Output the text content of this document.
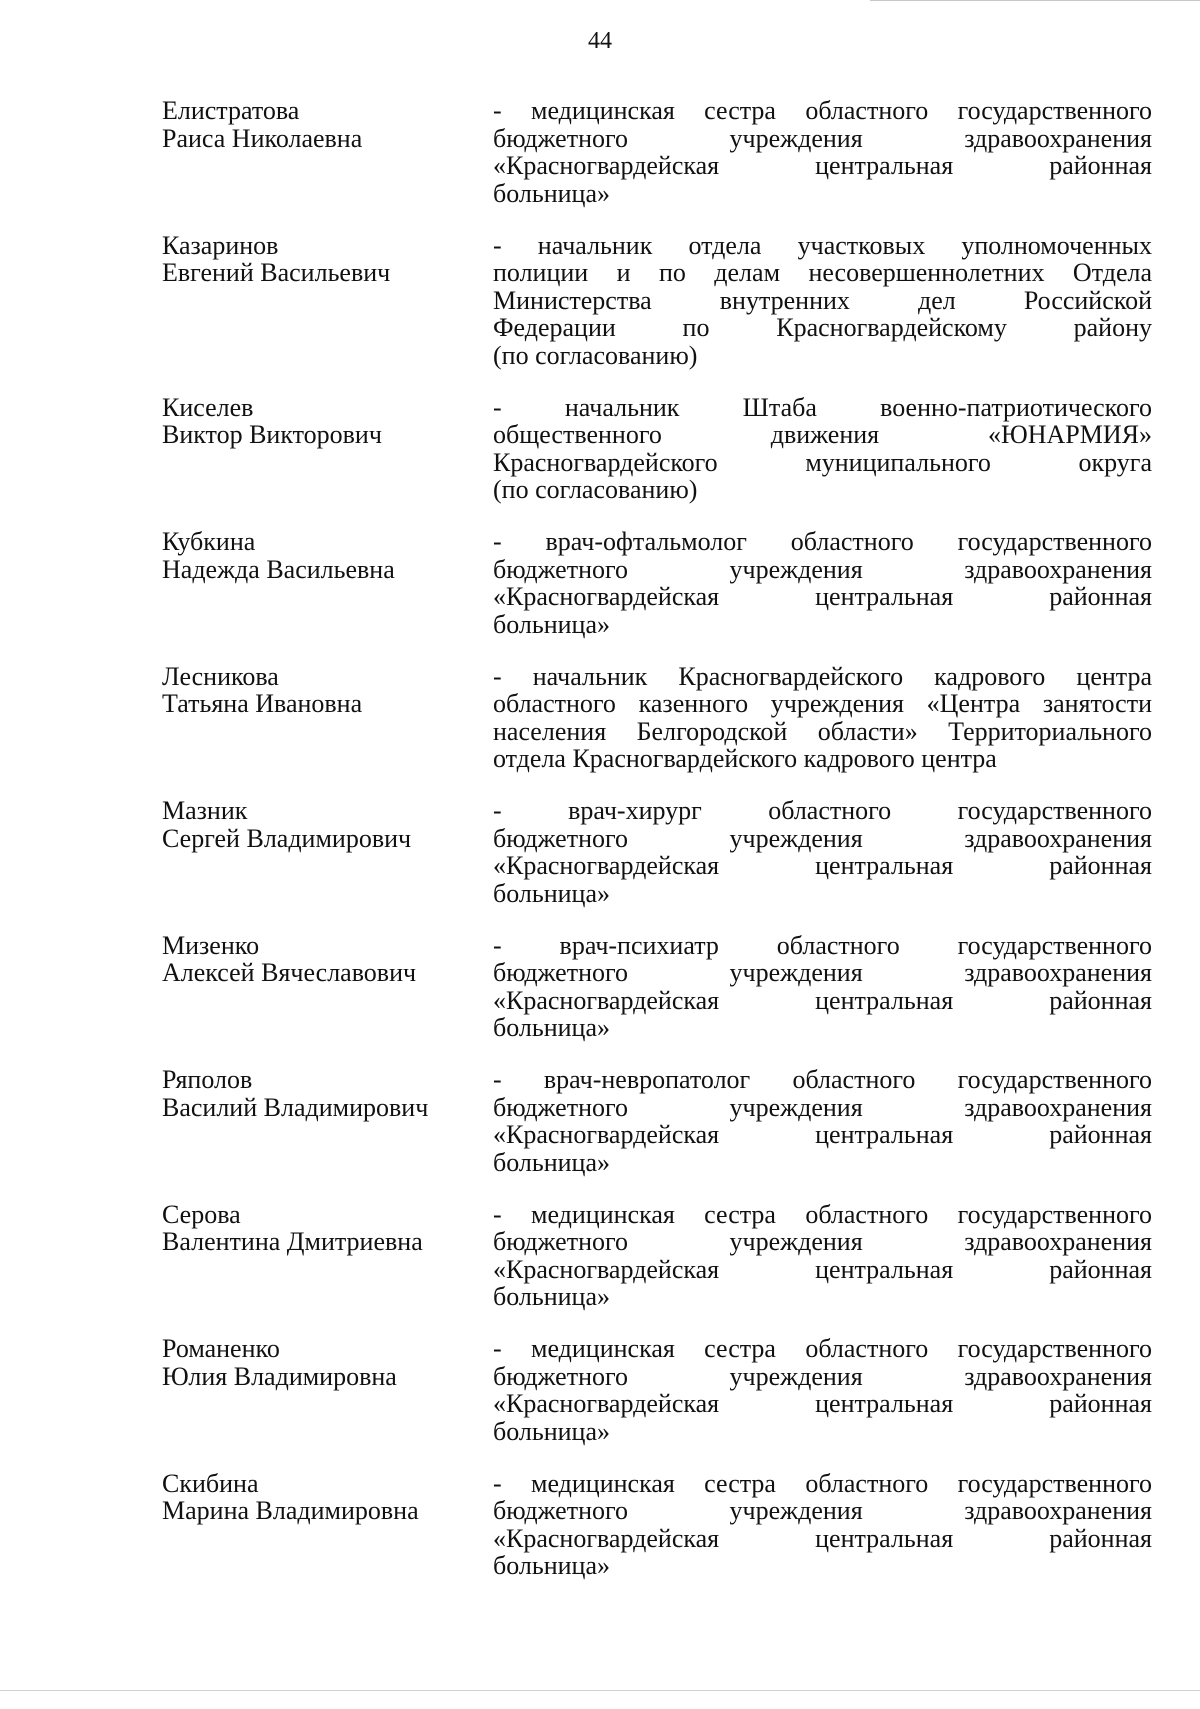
44
Елистратова
Раиса Николаевна
- медицинская сестра областного государственного
бюджетного учреждения здравоохранения
«Красногвардейская центральная районная
больница»
Казаринов
Евгений Васильевич
- начальник отдела участковых уполномоченных
полиции и по делам несовершеннолетних Отдела
Министерства внутренних дел Российской
Федерации по Красногвардейскому району
(по согласованию)
Киселев
Виктор Викторович
- начальник Штаба военно-патриотического
общественного движения «ЮНАРМИЯ»
Красногвардейского муниципального округа
(по согласованию)
Кубкина
Надежда Васильевна
- врач-офтальмолог областного государственного
бюджетного учреждения здравоохранения
«Красногвардейская центральная районная
больница»
Лесникова
Татьяна Ивановна
- начальник Красногвардейского кадрового центра
областного казенного учреждения «Центра занятости
населения Белгородской области» Территориального
отдела Красногвардейского кадрового центра
Мазник
Сергей Владимирович
- врач-хирург областного государственного
бюджетного учреждения здравоохранения
«Красногвардейская центральная районная
больница»
Мизенко
Алексей Вячеславович
- врач-психиатр областного государственного
бюджетного учреждения здравоохранения
«Красногвардейская центральная районная
больница»
Ряполов
Василий Владимирович
- врач-невропатолог областного государственного
бюджетного учреждения здравоохранения
«Красногвардейская центральная районная
больница»
Серова
Валентина Дмитриевна
- медицинская сестра областного государственного
бюджетного учреждения здравоохранения
«Красногвардейская центральная районная
больница»
Романенко
Юлия Владимировна
- медицинская сестра областного государственного
бюджетного учреждения здравоохранения
«Красногвардейская центральная районная
больница»
Скибина
Марина Владимировна
- медицинская сестра областного государственного
бюджетного учреждения здравоохранения
«Красногвардейская центральная районная
больница»
